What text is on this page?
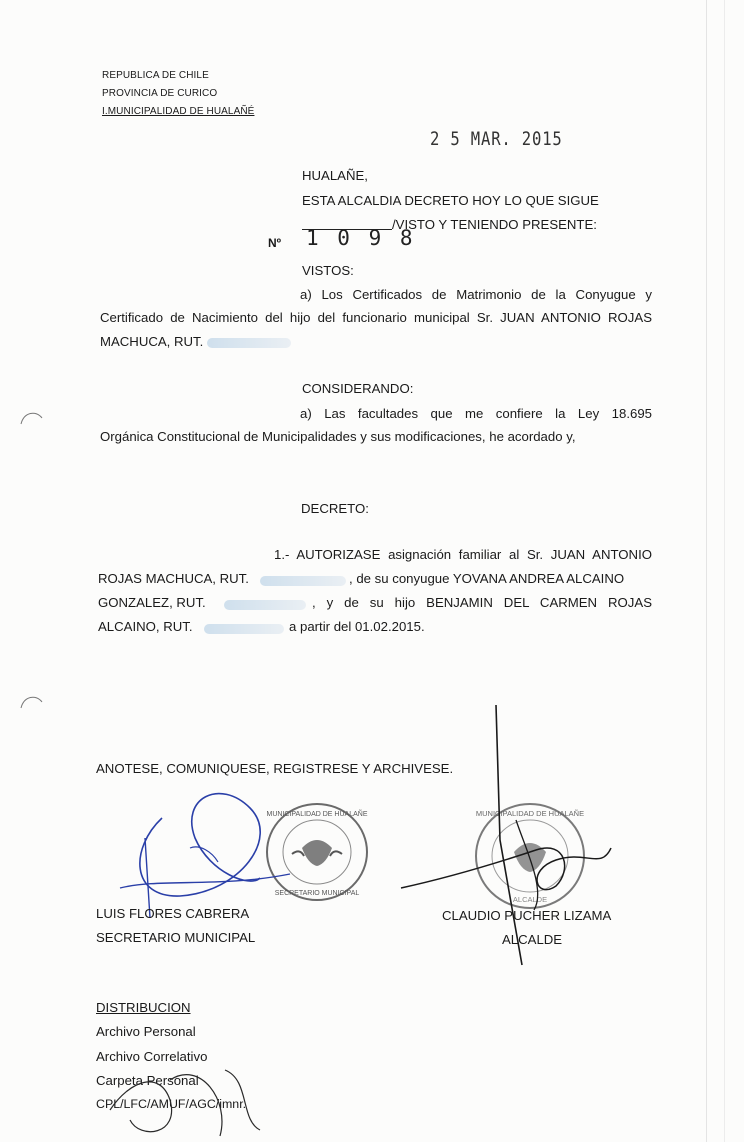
REPUBLICA DE CHILE
PROVINCIA DE CURICO
I.MUNICIPALIDAD DE HUALAÑÉ
2 5 MAR. 2015
HUALAÑE,
ESTA ALCALDIA DECRETO HOY LO QUE SIGUE
/VISTO Y TENIENDO PRESENTE:
Nº 1 0 9 8
VISTOS:
a) Los Certificados de Matrimonio de la Conyugue y
Certificado de Nacimiento del hijo del funcionario municipal Sr. JUAN ANTONIO ROJAS
MACHUCA, RUT.
CONSIDERANDO:
a) Las facultades que me confiere la Ley 18.695
Orgánica Constitucional de Municipalidades y sus modificaciones, he acordado y,
DECRETO:
1.- AUTORIZASE asignación familiar al Sr. JUAN ANTONIO
ROJAS MACHUCA, RUT.	, de su conyugue YOVANA ANDREA ALCAINO
GONZALEZ, RUT.	, y de su hijo BENJAMIN DEL CARMEN ROJAS
ALCAINO, RUT.	a partir del 01.02.2015.
ANOTESE, COMUNIQUESE, REGISTRESE Y ARCHIVESE.
MUNICIPALIDAD DE HUALAÑE
SECRETARIO MUNICIPAL
MUNICIPALIDAD DE HUALAÑE
ALCALDE
LUIS FLORES CABRERA
SECRETARIO MUNICIPAL
CLAUDIO PUCHER LIZAMA
ALCALDE
DISTRIBUCION
Archivo Personal
Archivo Correlativo
Carpeta Personal
CPL/LFC/AMUF/AGC/imnr.
